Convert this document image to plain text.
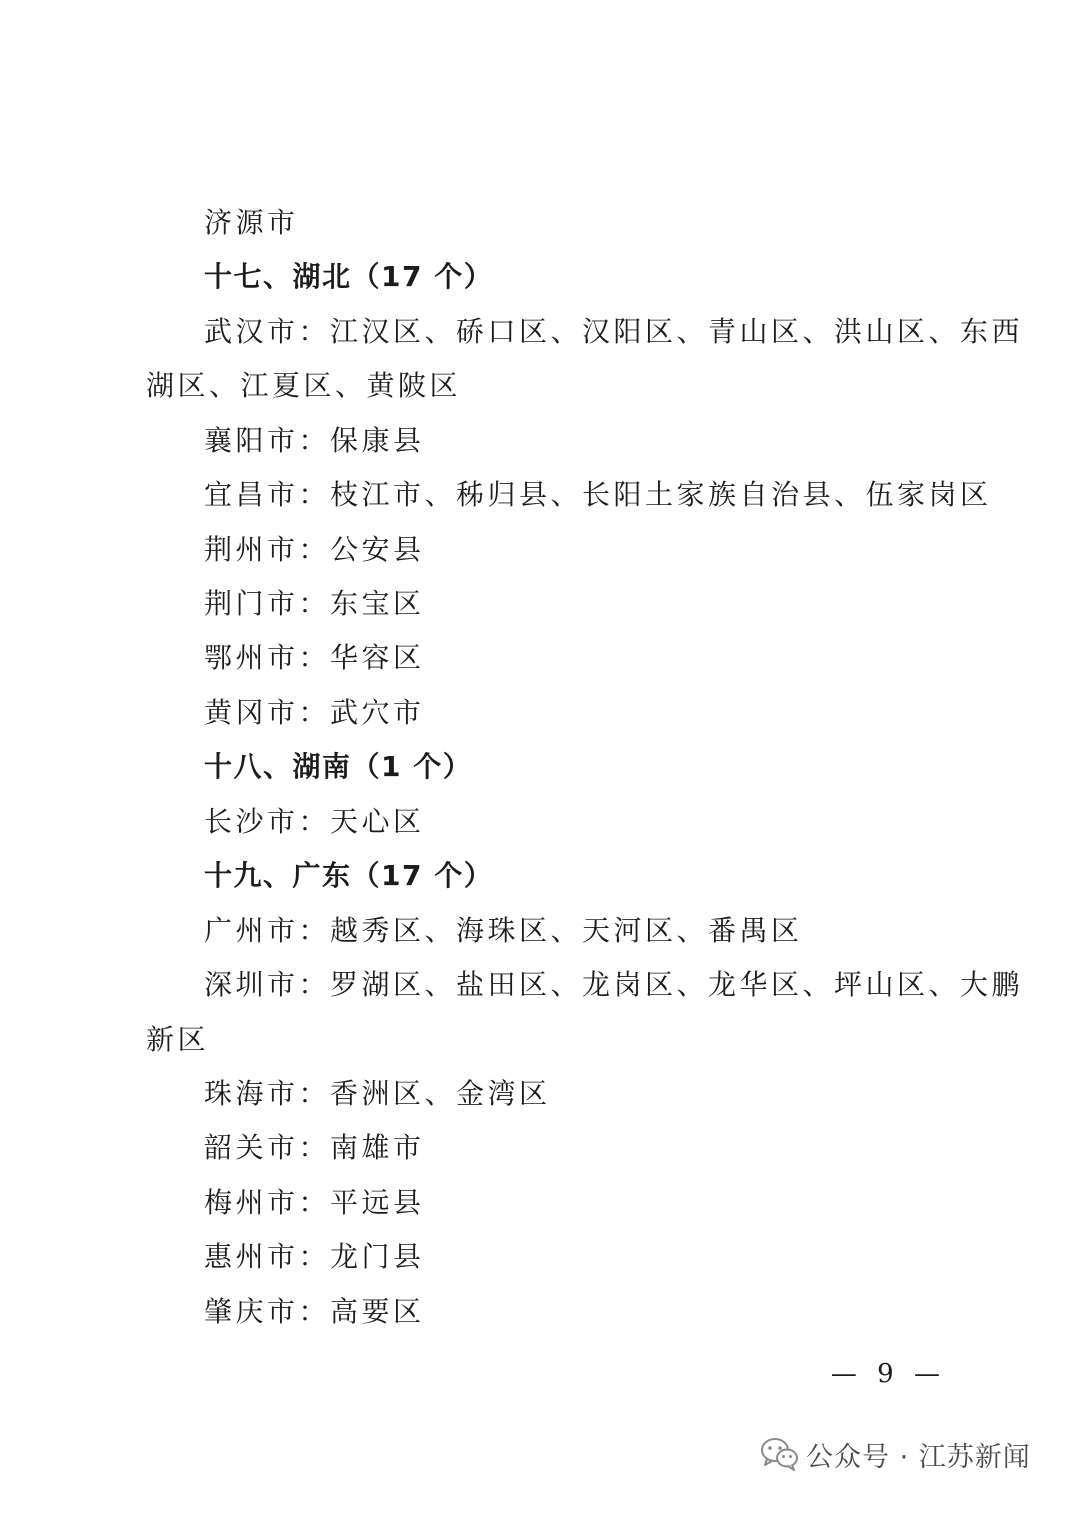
济源市
十七、湖北（17 个）
武汉市：江汉区、硚口区、汉阳区、青山区、洪山区、东西
湖区、江夏区、黄陂区
襄阳市：保康县
宜昌市：枝江市、秭归县、长阳土家族自治县、伍家岗区
荆州市：公安县
荆门市：东宝区
鄂州市：华容区
黄冈市：武穴市
十八、湖南（1 个）
长沙市：天心区
十九、广东（17 个）
广州市：越秀区、海珠区、天河区、番禺区
深圳市：罗湖区、盐田区、龙岗区、龙华区、坪山区、大鹏
新区
珠海市：香洲区、金湾区
韶关市：南雄市
梅州市：平远县
惠州市：龙门县
肇庆市：高要区
— 9 —
公众号 · 江苏新闻
